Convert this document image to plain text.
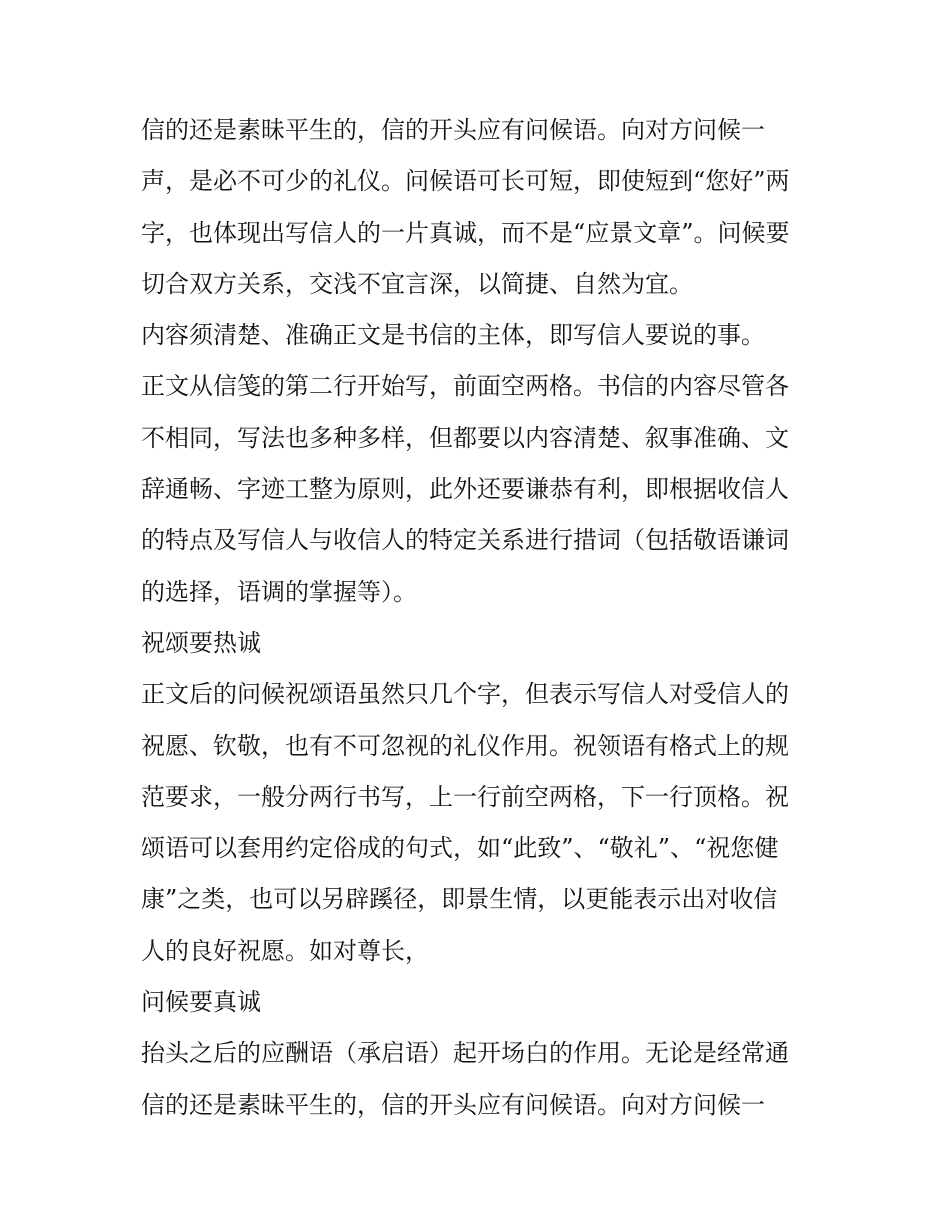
信的还是素昧平生的，信的开头应有问候语。向对方问候一
声，是必不可少的礼仪。问候语可长可短，即使短到“您好”两
字，也体现出写信人的一片真诚，而不是“应景文章”。问候要
切合双方关系，交浅不宜言深，以简捷、自然为宜。
内容须清楚、准确正文是书信的主体，即写信人要说的事。
正文从信笺的第二行开始写，前面空两格。书信的内容尽管各
不相同，写法也多种多样，但都要以内容清楚、叙事准确、文
辞通畅、字迹工整为原则，此外还要谦恭有利，即根据收信人
的特点及写信人与收信人的特定关系进行措词（包括敬语谦词
的选择，语调的掌握等）。
祝颂要热诚
正文后的问候祝颂语虽然只几个字，但表示写信人对受信人的
祝愿、钦敬，也有不可忽视的礼仪作用。祝领语有格式上的规
范要求，一般分两行书写，上一行前空两格，下一行顶格。祝
颂语可以套用约定俗成的句式，如“此致”、“敬礼”、“祝您健
康”之类，也可以另辟蹊径，即景生情，以更能表示出对收信
人的良好祝愿。如对尊长，
问候要真诚
抬头之后的应酬语（承启语）起开场白的作用。无论是经常通
信的还是素昧平生的，信的开头应有问候语。向对方问候一
